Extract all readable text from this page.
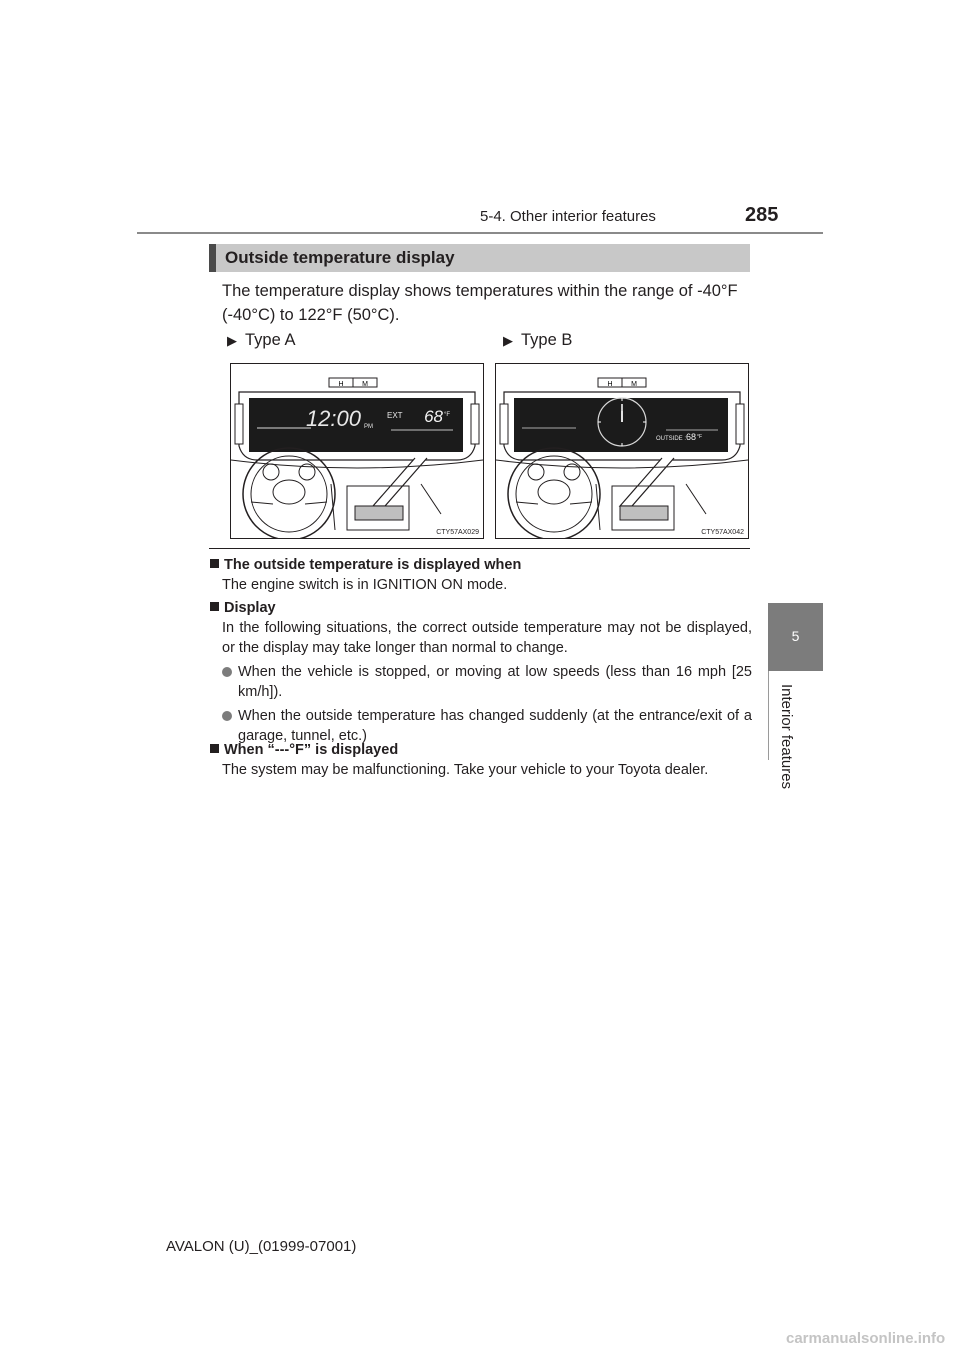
5-4. Other interior features	285
5
Interior features
Outside temperature display
The temperature display shows temperatures within the range of -40°F (-40°C) to 122°F (50°C).
▶ Type A	▶ Type B
H	M
12:00 PM
EXT 68 °F
CTY57AX029
H	M
OUTSIDE : 68 °F
CTY57AX042
The outside temperature is displayed when
The engine switch is in IGNITION ON mode.
Display
In the following situations, the correct outside temperature may not be displayed, or the display may take longer than normal to change.
When the vehicle is stopped, or moving at low speeds (less than 16 mph [25 km/h]).
When the outside temperature has changed suddenly (at the entrance/exit of a garage, tunnel, etc.)
When “---°F” is displayed
The system may be malfunctioning. Take your vehicle to your Toyota dealer.
AVALON (U)_(01999-07001)
carmanualsonline.info
